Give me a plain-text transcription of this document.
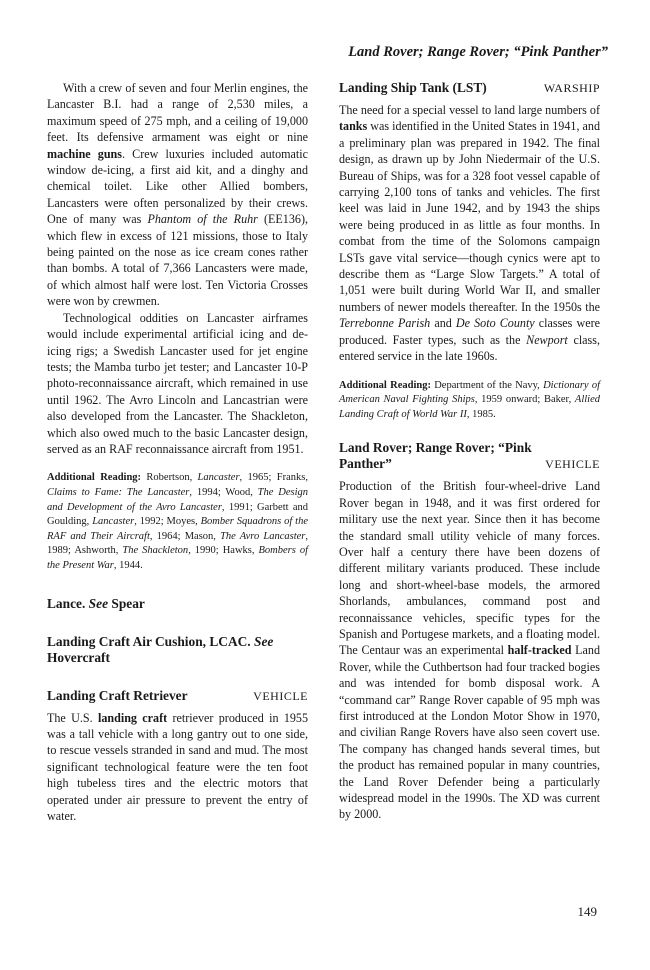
Land Rover; Range Rover; “Pink Panther”

With a crew of seven and four Merlin engines, the Lancaster B.I. had a range of 2,530 miles, a maximum speed of 275 mph, and a ceiling of 19,000 feet. Its defensive armament was eight or nine machine guns. Crew luxuries included automatic window de-icing, a first aid kit, and a dinghy and chemical toilet. Like other Allied bombers, Lancasters were often personalized by their crews. One of many was Phantom of the Ruhr (EE136), which flew in excess of 121 missions, those to Italy being painted on the nose as ice cream cones rather than bombs. A total of 7,366 Lancasters were made, of which almost half were lost. Ten Victoria Crosses were won by crewmen.

Technological oddities on Lancaster airframes would include experimental artificial icing and de-icing rigs; a Swedish Lancaster used for jet engine tests; the Mamba turbo jet tester; and Lancaster 10-P photo-reconnaissance aircraft, which remained in use until 1962. The Avro Lincoln and Lancastrian were also developed from the Lancaster. The Shackleton, which also owed much to the basic Lancaster design, served as an RAF reconnaissance aircraft from 1951.

Additional Reading: Robertson, Lancaster, 1965; Franks, Claims to Fame: The Lancaster, 1994; Wood, The Design and Development of the Avro Lancaster, 1991; Garbett and Goulding, Lancaster, 1992; Moyes, Bomber Squadrons of the RAF and Their Aircraft, 1964; Mason, The Avro Lancaster, 1989; Ashworth, The Shackleton, 1990; Hawks, Bombers of the Present War, 1944.

Lance. See Spear
Landing Craft Air Cushion, LCAC. See Hovercraft
Landing Craft Retriever	VEHICLE

The U.S. landing craft retriever produced in 1955 was a tall vehicle with a long gantry out to one side, to rescue vessels stranded in sand and mud. The most significant technological feature were the ten foot high tubeless tires and the electric motors that operated under air pressure to prevent the entry of water.

Landing Ship Tank (LST)	WARSHIP

The need for a special vessel to land large numbers of tanks was identified in the United States in 1941, and a preliminary plan was prepared in 1942. The final design, as drawn up by John Niedermair of the U.S. Bureau of Ships, was for a 328 foot vessel capable of carrying 2,100 tons of tanks and vehicles. The first keel was laid in June 1942, and by 1943 the ships were being produced in as little as four months. In combat from the time of the Solomons campaign LSTs gave vital service—though cynics were apt to describe them as “Large Slow Targets.” A total of 1,051 were built during World War II, and smaller numbers of newer models thereafter. In the 1950s the Terrebonne Parish and De Soto County classes were produced. Faster types, such as the Newport class, entered service in the late 1960s.

Additional Reading: Department of the Navy, Dictionary of American Naval Fighting Ships, 1959 onward; Baker, Allied Landing Craft of World War II, 1985.

Land Rover; Range Rover; “Pink Panther”	VEHICLE

Production of the British four-wheel-drive Land Rover began in 1948, and it was first ordered for military use the next year. Since then it has become the standard small utility vehicle of many forces. Over half a century there have been dozens of different military variants produced. These include long and short-wheel-base models, the armored Shorlands, ambulances, command post and reconnaissance vehicles, specific types for the Spanish and Portugese markets, and a floating model. The Centaur was an experimental half-tracked Land Rover, while the Cuthbertson had four tracked bogies and was intended for bomb disposal work. A “command car” Range Rover capable of 95 mph was first introduced at the London Motor Show in 1970, and civilian Range Rovers have also seen covert use. The company has changed hands several times, but the product has remained popular in many countries, the Land Rover Defender being a particularly widespread model in the 1990s. The XD was current by 2000.

149
